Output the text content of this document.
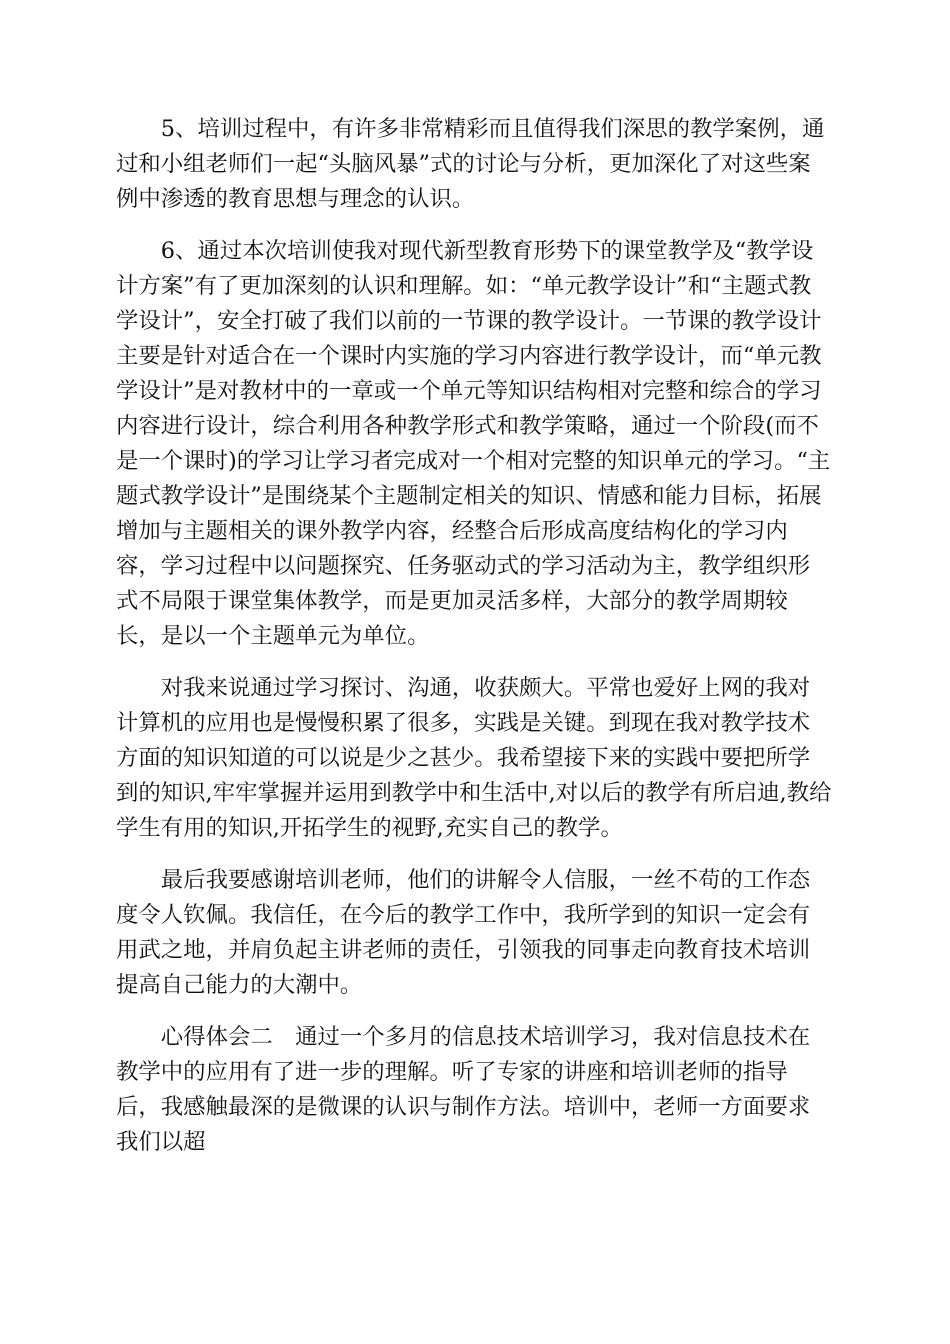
5、培训过程中，有许多非常精彩而且值得我们深思的教学案例，通过和小组老师们一起“头脑风暴”式的讨论与分析，更加深化了对这些案例中渗透的教育思想与理念的认识。

6、通过本次培训使我对现代新型教育形势下的课堂教学及“教学设计方案”有了更加深刻的认识和理解。如：“单元教学设计”和“主题式教学设计”，安全打破了我们以前的一节课的教学设计。一节课的教学设计主要是针对适合在一个课时内实施的学习内容进行教学设计，而“单元教学设计”是对教材中的一章或一个单元等知识结构相对完整和综合的学习内容进行设计，综合利用各种教学形式和教学策略，通过一个阶段(而不是一个课时)的学习让学习者完成对一个相对完整的知识单元的学习。“主题式教学设计”是围绕某个主题制定相关的知识、情感和能力目标，拓展增加与主题相关的课外教学内容，经整合后形成高度结构化的学习内容，学习过程中以问题探究、任务驱动式的学习活动为主，教学组织形式不局限于课堂集体教学，而是更加灵活多样，大部分的教学周期较长，是以一个主题单元为单位。

对我来说通过学习探讨、沟通，收获颇大。平常也爱好上网的我对计算机的应用也是慢慢积累了很多，实践是关键。到现在我对教学技术方面的知识知道的可以说是少之甚少。我希望接下来的实践中要把所学到的知识,牢牢掌握并运用到教学中和生活中,对以后的教学有所启迪,教给学生有用的知识,开拓学生的视野,充实自己的教学。

最后我要感谢培训老师，他们的讲解令人信服，一丝不苟的工作态度令人钦佩。我信任，在今后的教学工作中，我所学到的知识一定会有用武之地，并肩负起主讲老师的责任，引领我的同事走向教育技术培训提高自己能力的大潮中。

心得体会二　通过一个多月的信息技术培训学习，我对信息技术在教学中的应用有了进一步的理解。听了专家的讲座和培训老师的指导后，我感触最深的是微课的认识与制作方法。培训中，老师一方面要求我们以超
